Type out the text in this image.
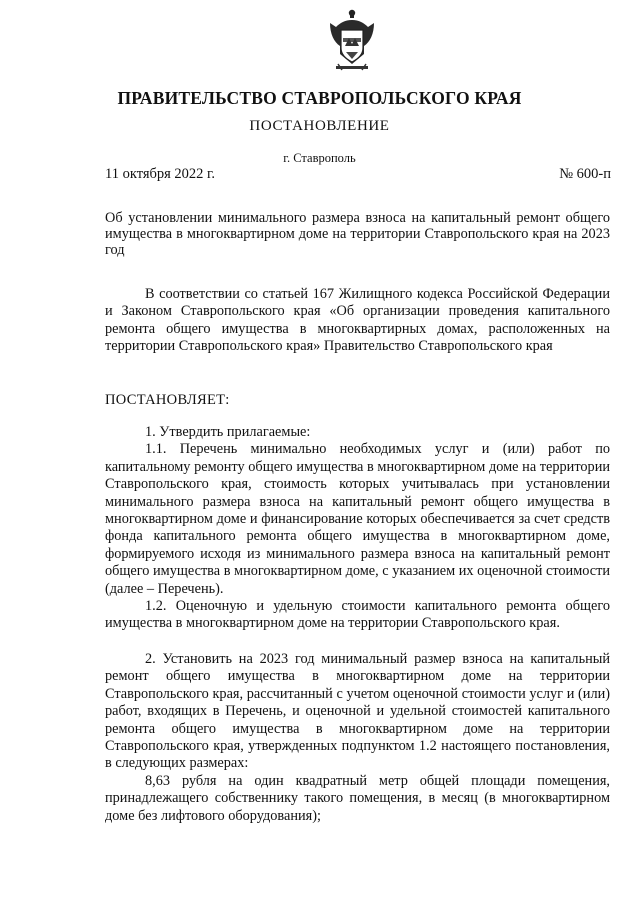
ПРАВИТЕЛЬСТВО СТАВРОПОЛЬСКОГО КРАЯ
ПОСТАНОВЛЕНИЕ
г. Ставрополь
11 октября 2022 г.	№ 600-п
Об установлении минимального размера взноса на капитальный ремонт общего имущества в многоквартирном доме на территории Ставропольского края на 2023 год
В соответствии со статьей 167 Жилищного кодекса Российской Федерации и Законом Ставропольского края «Об организации проведения капитального ремонта общего имущества в многоквартирных домах, расположенных на территории Ставропольского края» Правительство Ставропольского края
ПОСТАНОВЛЯЕТ:

1. Утвердить прилагаемые:

1.1. Перечень минимально необходимых услуг и (или) работ по капитальному ремонту общего имущества в многоквартирном доме на территории Ставропольского края, стоимость которых учитывалась при установлении минимального размера взноса на капитальный ремонт общего имущества в многоквартирном доме и финансирование которых обеспечивается за счет средств фонда капитального ремонта общего имущества в многоквартирном доме, формируемого исходя из минимального размера взноса на капитальный ремонт общего имущества в многоквартирном доме, с указанием их оценочной стоимости (далее – Перечень).

1.2. Оценочную и удельную стоимости капитального ремонта общего имущества в многоквартирном доме на территории Ставропольского края.

2. Установить на 2023 год минимальный размер взноса на капитальный ремонт общего имущества в многоквартирном доме на территории Ставропольского края, рассчитанный с учетом оценочной стоимости услуг и (или) работ, входящих в Перечень, и оценочной и удельной стоимостей капитального ремонта общего имущества в многоквартирном доме на территории Ставропольского края, утвержденных подпунктом 1.2 настоящего постановления, в следующих размерах:

8,63 рубля на один квадратный метр общей площади помещения, принадлежащего собственнику такого помещения, в месяц (в многоквартирном доме без лифтового оборудования);
